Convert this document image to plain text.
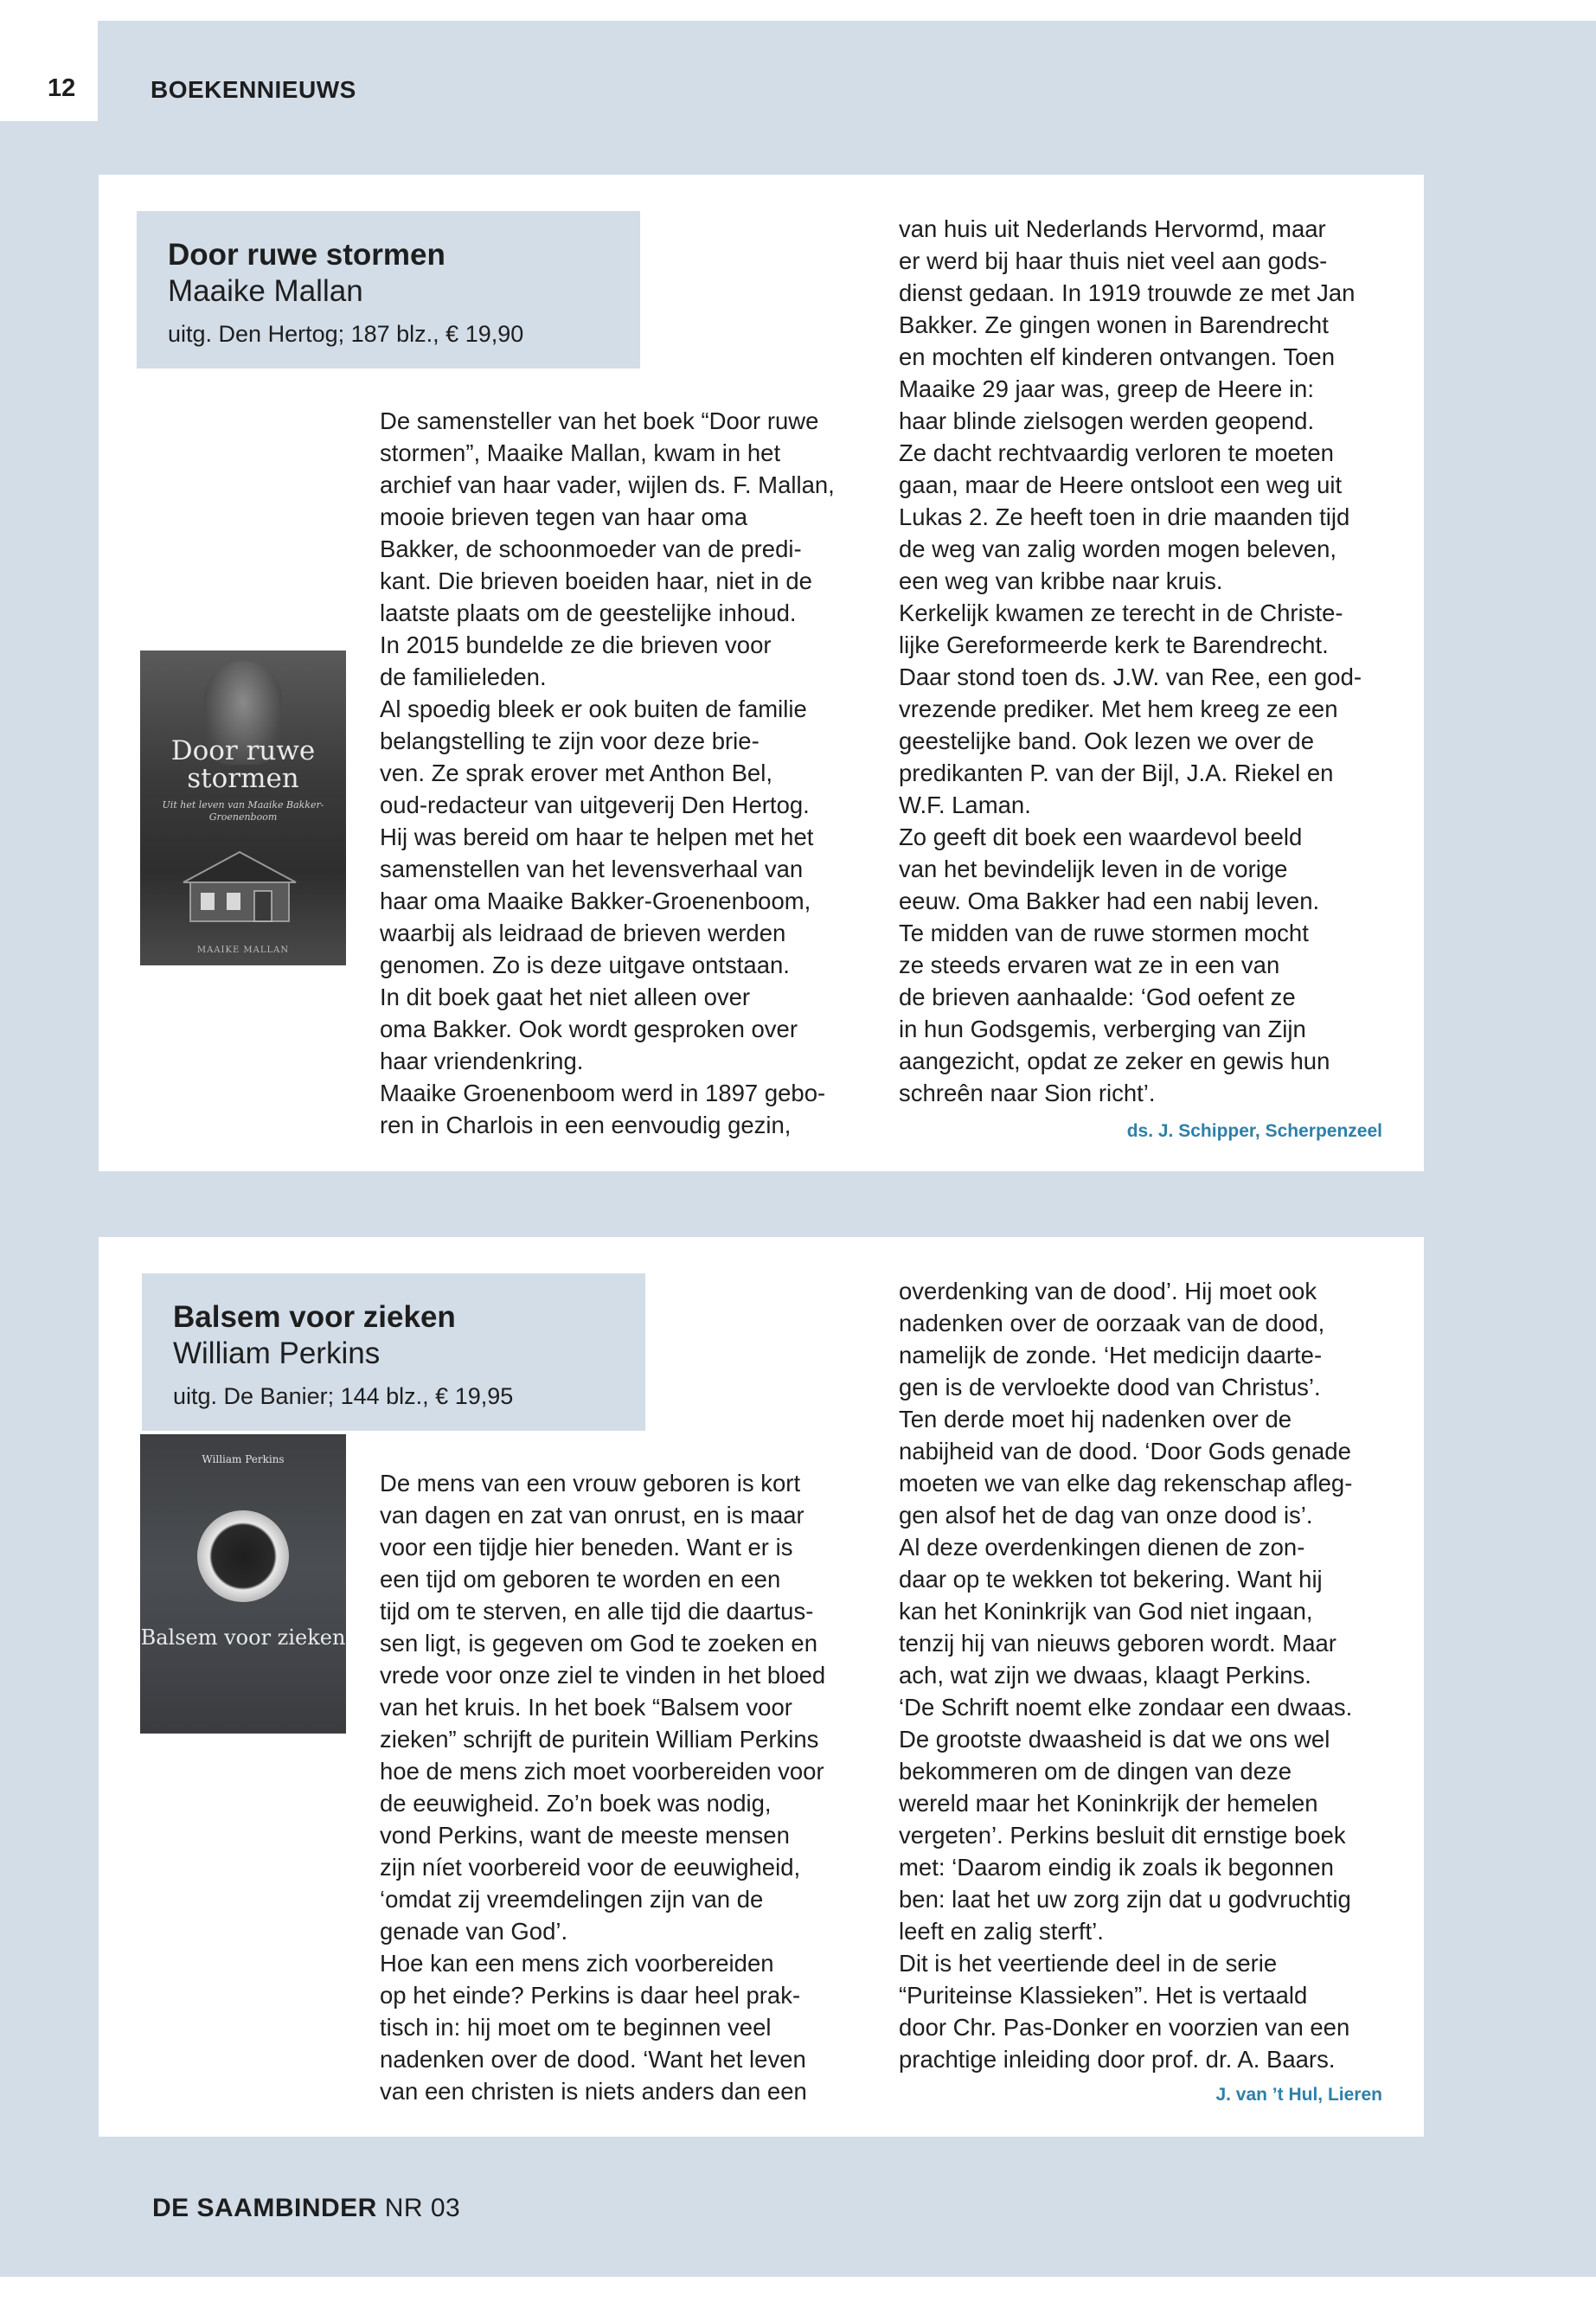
12	BOEKENNIEUWS
Door ruwe stormen
Maaike Mallan
uitg. Den Hertog; 187 blz., € 19,90

De samensteller van het boek “Door ruwe

stormen”, Maaike Mallan, kwam in het

archief van haar vader, wijlen ds. F. Mallan,

mooie brieven tegen van haar oma

Bakker, de schoonmoeder van de predi-

kant. Die brieven boeiden haar, niet in de

laatste plaats om de geestelijke inhoud.

In 2015 bundelde ze die brieven voor

de familieleden.

Al spoedig bleek er ook buiten de familie

belangstelling te zijn voor deze brie-

ven. Ze sprak erover met Anthon Bel,

oud-redacteur van uitgeverij Den Hertog.

Hij was bereid om haar te helpen met het

samenstellen van het levensverhaal van

haar oma Maaike Bakker-Groenenboom,

waarbij als leidraad de brieven werden

genomen. Zo is deze uitgave ontstaan.

In dit boek gaat het niet alleen over

oma Bakker. Ook wordt gesproken over

haar vriendenkring.

Maaike Groenenboom werd in 1897 gebo-

ren in Charlois in een eenvoudig gezin,

van huis uit Nederlands Hervormd, maar

er werd bij haar thuis niet veel aan gods-

dienst gedaan. In 1919 trouwde ze met Jan

Bakker. Ze gingen wonen in Barendrecht

en mochten elf kinderen ontvangen. Toen

Maaike 29 jaar was, greep de Heere in:

haar blinde zielsogen werden geopend.

Ze dacht rechtvaardig verloren te moeten

gaan, maar de Heere ontsloot een weg uit

Lukas 2. Ze heeft toen in drie maanden tijd

de weg van zalig worden mogen beleven,

een weg van kribbe naar kruis.

Kerkelijk kwamen ze terecht in de Christe-

lijke Gereformeerde kerk te Barendrecht.

Daar stond toen ds. J.W. van Ree, een god-

vrezende prediker. Met hem kreeg ze een

geestelijke band. Ook lezen we over de

predikanten P. van der Bijl, J.A. Riekel en

W.F. Laman.

Zo geeft dit boek een waardevol beeld

van het bevindelijk leven in de vorige

eeuw. Oma Bakker had een nabij leven.

Te midden van de ruwe stormen mocht

ze steeds ervaren wat ze in een van

de brieven aanhaalde: ‘God oefent ze

in hun Godsgemis, verberging van Zijn

aangezicht, opdat ze zeker en gewis hun

schreên naar Sion richt’.

ds. J. Schipper, Scherpenzeel
Door ruwe stormen
Uit het leven van Maaike Bakker-Groenenboom
MAAIKE MALLAN
Balsem voor zieken
William Perkins
uitg. De Banier; 144 blz., € 19,95

De mens van een vrouw geboren is kort

van dagen en zat van onrust, en is maar

voor een tijdje hier beneden. Want er is

een tijd om geboren te worden en een

tijd om te sterven, en alle tijd die daartus-

sen ligt, is gegeven om God te zoeken en

vrede voor onze ziel te vinden in het bloed

van het kruis. In het boek “Balsem voor

zieken” schrijft de puritein William Perkins

hoe de mens zich moet voorbereiden voor

de eeuwigheid. Zo’n boek was nodig,

vond Perkins, want de meeste mensen

zijn níet voorbereid voor de eeuwigheid,

‘omdat zij vreemdelingen zijn van de

genade van God’.

Hoe kan een mens zich voorbereiden

op het einde? Perkins is daar heel prak-

tisch in: hij moet om te beginnen veel

nadenken over de dood. ‘Want het leven

van een christen is niets anders dan een

overdenking van de dood’. Hij moet ook

nadenken over de oorzaak van de dood,

namelijk de zonde. ‘Het medicijn daarte-

gen is de vervloekte dood van Christus’.

Ten derde moet hij nadenken over de

nabijheid van de dood. ‘Door Gods genade

moeten we van elke dag rekenschap afleg-

gen alsof het de dag van onze dood is’.

Al deze overdenkingen dienen de zon-

daar op te wekken tot bekering. Want hij

kan het Koninkrijk van God niet ingaan,

tenzij hij van nieuws geboren wordt. Maar

ach, wat zijn we dwaas, klaagt Perkins.

‘De Schrift noemt elke zondaar een dwaas.

De grootste dwaasheid is dat we ons wel

bekommeren om de dingen van deze

wereld maar het Koninkrijk der hemelen

vergeten’. Perkins besluit dit ernstige boek

met: ‘Daarom eindig ik zoals ik begonnen

ben: laat het uw zorg zijn dat u godvruchtig

leeft en zalig sterft’.

Dit is het veertiende deel in de serie

“Puriteinse Klassieken”. Het is vertaald

door Chr. Pas-Donker en voorzien van een

prachtige inleiding door prof. dr. A. Baars.

J. van ’t Hul, Lieren
William Perkins
Balsem voor zieken
DE SAAMBINDER NR 03
